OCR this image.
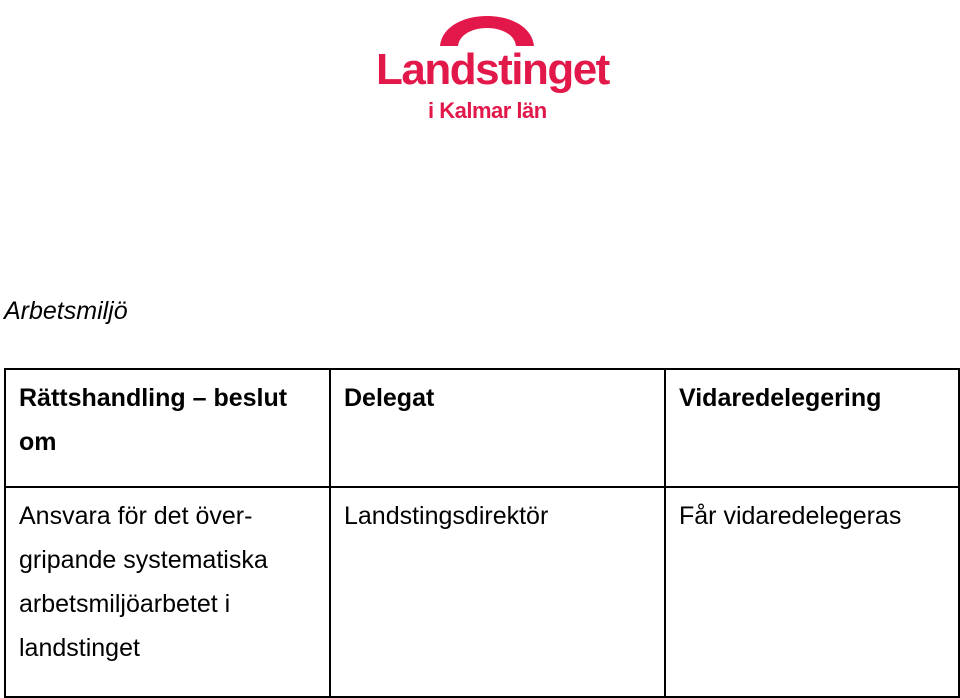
Landstinget
i Kalmar län
Arbetsmiljö
Rättshandling – beslut om	Delegat	Vidaredelegering
Ansvara för det över-gripande systematiska arbetsmiljöarbetet i landstinget	Landstingsdirektör	Får vidaredelegeras
